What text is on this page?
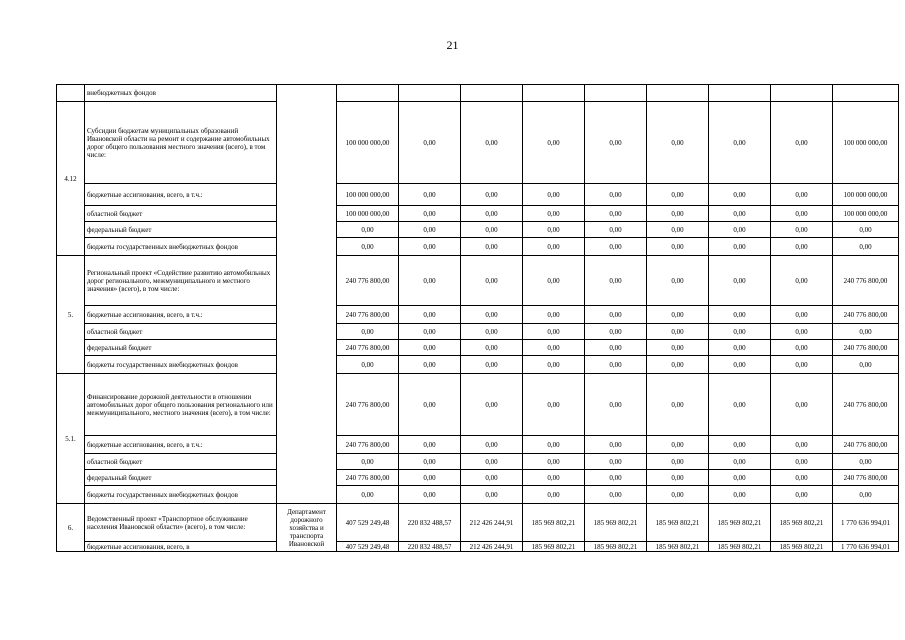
21
	внебюджетных фондов										
4.12	Субсидии бюджетам муниципальных образований Ивановской области на ремонт и содержание автомобильных дорог общего пользования местного значения (всего), в том числе:		100 000 000,00	0,00	0,00	0,00	0,00	0,00	0,00	0,00	100 000 000,00
	бюджетные ассигнования, всего, в т.ч.:		100 000 000,00	0,00	0,00	0,00	0,00	0,00	0,00	0,00	100 000 000,00
	областной бюджет		100 000 000,00	0,00	0,00	0,00	0,00	0,00	0,00	0,00	100 000 000,00
	федеральный бюджет		0,00	0,00	0,00	0,00	0,00	0,00	0,00	0,00	0,00
	бюджеты государственных внебюджетных фондов		0,00	0,00	0,00	0,00	0,00	0,00	0,00	0,00	0,00
5.	Региональный проект «Содействие развитию автомобильных дорог регионального, межмуниципального и местного значения» (всего), в том числе:		240 776 800,00	0,00	0,00	0,00	0,00	0,00	0,00	0,00	240 776 800,00
	бюджетные ассигнования, всего, в т.ч.:		240 776 800,00	0,00	0,00	0,00	0,00	0,00	0,00	0,00	240 776 800,00
	областной бюджет		0,00	0,00	0,00	0,00	0,00	0,00	0,00	0,00	0,00
	федеральный бюджет		240 776 800,00	0,00	0,00	0,00	0,00	0,00	0,00	0,00	240 776 800,00
	бюджеты государственных внебюджетных фондов		0,00	0,00	0,00	0,00	0,00	0,00	0,00	0,00	0,00
5.1.	Финансирование дорожной деятельности в отношении автомобильных дорог общего пользования регионального или межмуниципального, местного значения (всего), в том числе:		240 776 800,00	0,00	0,00	0,00	0,00	0,00	0,00	0,00	240 776 800,00
	бюджетные ассигнования, всего, в т.ч.:		240 776 800,00	0,00	0,00	0,00	0,00	0,00	0,00	0,00	240 776 800,00
	областной бюджет		0,00	0,00	0,00	0,00	0,00	0,00	0,00	0,00	0,00
	федеральный бюджет		240 776 800,00	0,00	0,00	0,00	0,00	0,00	0,00	0,00	240 776 800,00
	бюджеты государственных внебюджетных фондов		0,00	0,00	0,00	0,00	0,00	0,00	0,00	0,00	0,00
6.	Ведомственный проект «Транспортное обслуживание населения Ивановской области» (всего), в том числе:	Департамент дорожного хозяйства и транспорта Ивановской	407 529 249,48	220 832 488,57	212 426 244,91	185 969 802,21	185 969 802,21	185 969 802,21	185 969 802,21	185 969 802,21	1 770 636 994,01
	бюджетные ассигнования, всего, в		407 529 249,48	220 832 488,57	212 426 244,91	185 969 802,21	185 969 802,21	185 969 802,21	185 969 802,21	185 969 802,21	1 770 636 994,01
